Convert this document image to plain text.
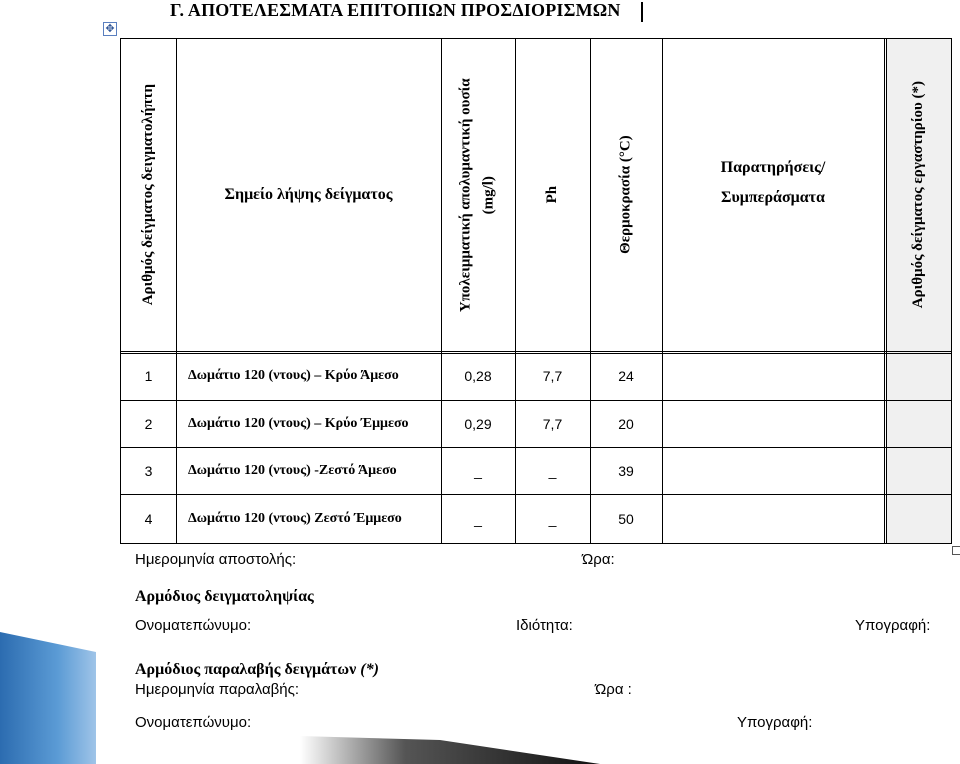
Γ. ΑΠΟΤΕΛΕΣΜΑΤΑ ΕΠΙΤΟΠΙΩΝ ΠΡΟΣΔΙΟΡΙΣΜΩΝ
✥
Αριθμός δείγματος δειγματολήπτη	Σημείο λήψης δείγματος	Υπολειμματική απολυμαντική ουσία (mg/l)	Ph	Θερμοκρασία (°C)	Παρατηρήσεις/
Συμπεράσματα	Αριθμός δείγματος εργαστηρίου (*)
1	Δωμάτιο 120 (ντους) – Κρύο Άμεσο	0,28	7,7	24
2	Δωμάτιο 120 (ντους) – Κρύο Έμμεσο	0,29	7,7	20
3	Δωμάτιο 120 (ντους) -Ζεστό Άμεσο	_	_	39
4	Δωμάτιο 120 (ντους) Ζεστό Έμμεσο	_	_	50
Ημερομηνία αποστολής:	Ώρα:
Αρμόδιος δειγματοληψίας
Ονοματεπώνυμο:	Ιδιότητα:	Υπογραφή:
Αρμόδιος παραλαβής δειγμάτων (*)
Ημερομηνία παραλαβής:	Ώρα :
Ονοματεπώνυμο:	Υπογραφή:
